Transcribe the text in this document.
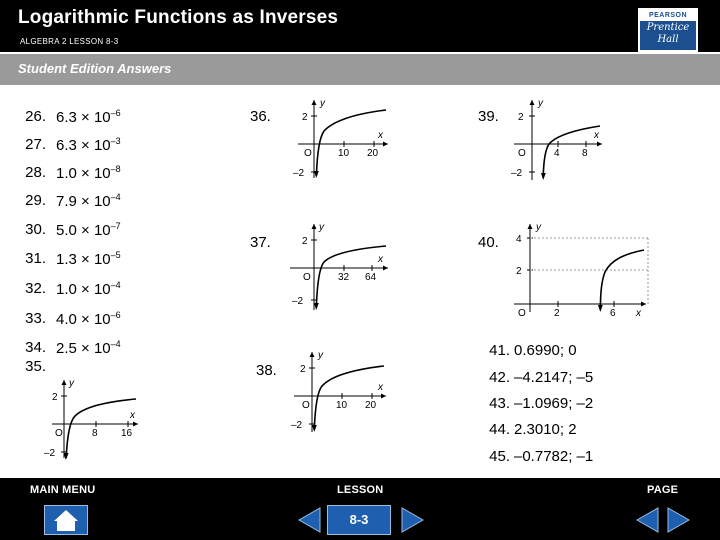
Logarithmic Functions as Inverses
ALGEBRA 2 LESSON 8-3
PEARSON
Prentice
Hall
Student Edition Answers
26. $6.3 \times 10^{-6}$
27. $6.3 \times 10^{-3}$
28. $1.0 \times 10^{-8}$
29. $7.9 \times 10^{-4}$
30. $5.0 \times 10^{-7}$
31. $1.3 \times 10^{-5}$
32. $1.0 \times 10^{-4}$
33. $4.0 \times 10^{-6}$
34. $2.5 \times 10^{-4}$
35.
y
2
–2
O	8 16
x
36.
y
2
–2
O	10 20
x
37.
y
2
–2
O	32 64
x
38.
y
2
–2
O	10 20
x
39.
y
2
–2
O	4 8
x
40.
y
4
2
O	2	6 x
41. 0.6990; 0
42. –4.2147; –5
43. –1.0969; –2
44. 2.3010; 2
45. –0.7782; –1
MAIN MENU	LESSON	PAGE
8-3
